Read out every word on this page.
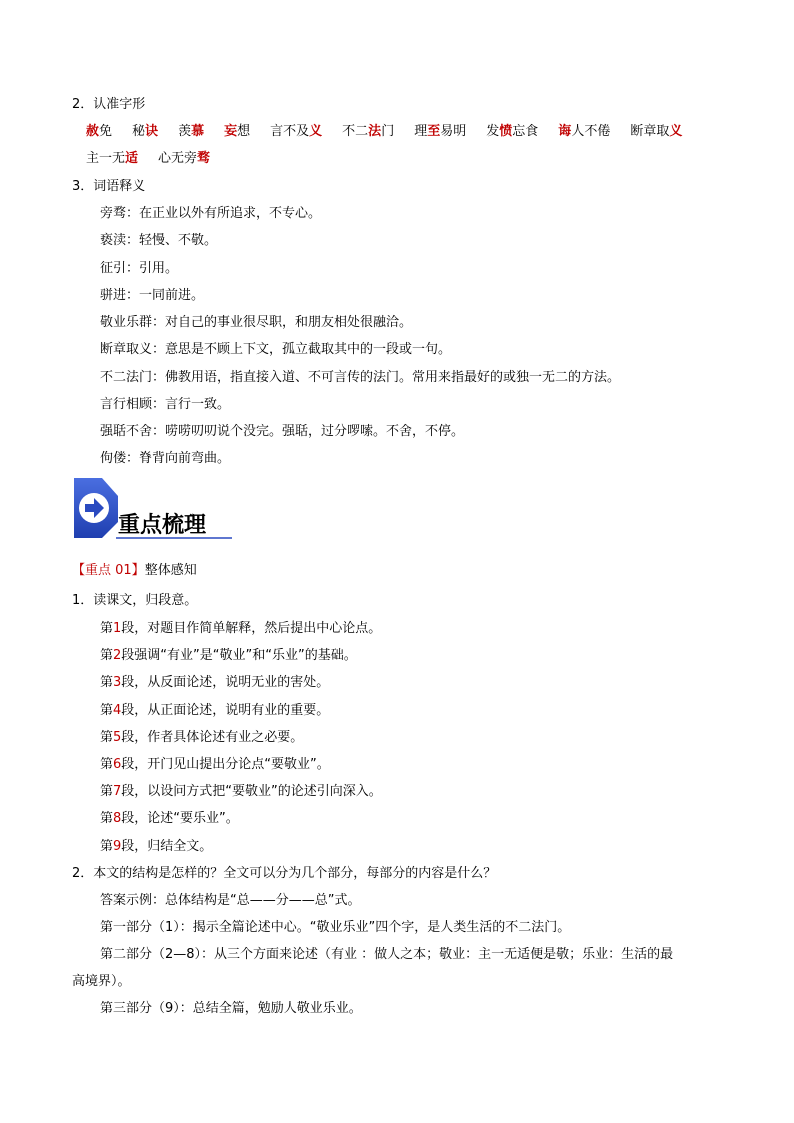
2．认准字形
赦免 秘诀 羡慕 妄想 言不及义 不二法门 理至易明 发愤忘食 诲人不倦 断章取义
主一无适 心无旁骛
3．词语释义
旁骛：在正业以外有所追求，不专心。
亵渎：轻慢、不敬。
征引：引用。
骈进：一同前进。
敬业乐群：对自己的事业很尽职，和朋友相处很融洽。
断章取义：意思是不顾上下文，孤立截取其中的一段或一句。
不二法门：佛教用语，指直接入道、不可言传的法门。常用来指最好的或独一无二的方法。
言行相顾：言行一致。
强聒不舍：唠唠叨叨说个没完。强聒，过分啰嗦。不舍，不停。
佝偻：脊背向前弯曲。
重点梳理
【重点 01】整体感知
1．读课文，归段意。
第1段，对题目作简单解释，然后提出中心论点。
第2段强调“有业”是“敬业”和“乐业”的基础。
第3段，从反面论述，说明无业的害处。
第4段，从正面论述，说明有业的重要。
第5段，作者具体论述有业之必要。
第6段，开门见山提出分论点“要敬业”。
第7段，以设问方式把“要敬业”的论述引向深入。
第8段，论述“要乐业”。
第9段，归结全文。
2．本文的结构是怎样的？全文可以分为几个部分，每部分的内容是什么？
答案示例：总体结构是“总——分——总”式。
第一部分（1）：揭示全篇论述中心。“敬业乐业”四个字，是人类生活的不二法门。
第二部分（2—8）：从三个方面来论述（有业 ：做人之本；敬业：主一无适便是敬；乐业：生活的最
高境界）。
第三部分（9）：总结全篇，勉励人敬业乐业。
